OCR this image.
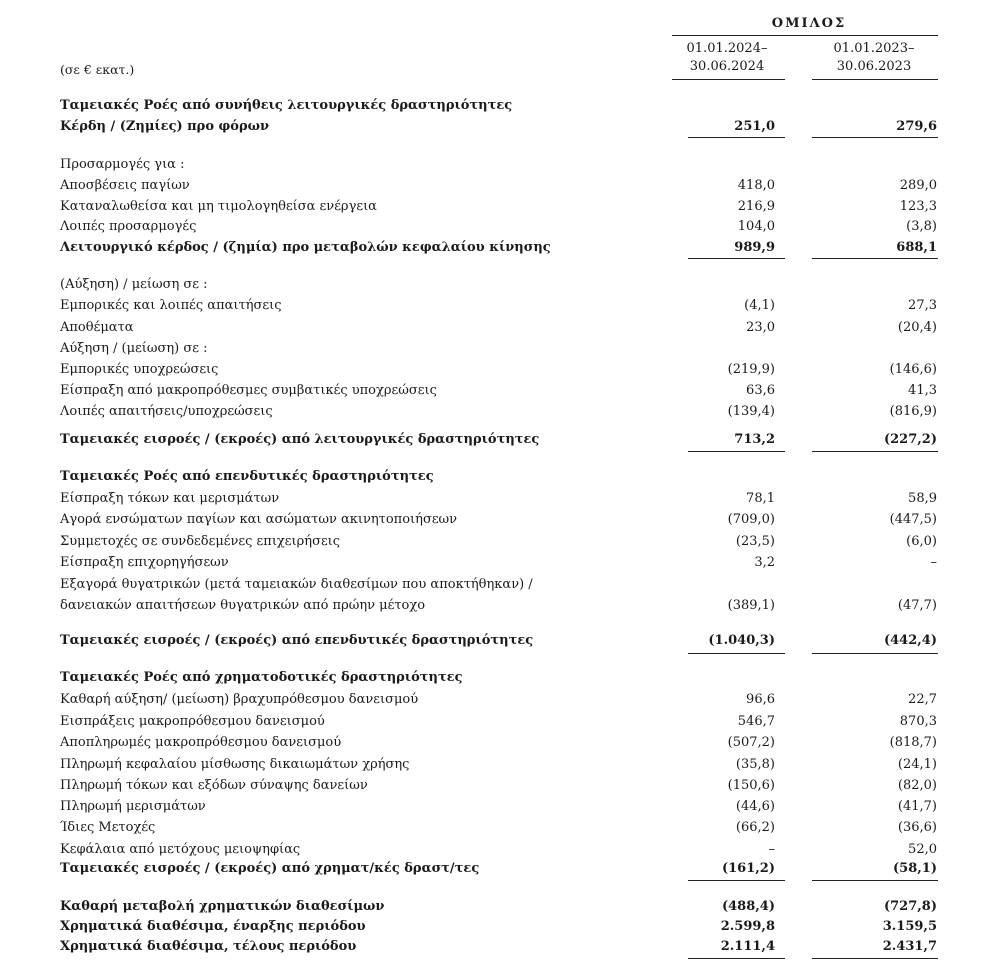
ΟΜΙΛΟΣ
01.01.2024–
30.06.2024
01.01.2023–
30.06.2023
(σε € εκατ.)
Ταμειακές Ροές από συνήθεις λειτουργικές δραστηριότητες
Κέρδη / (Ζημίες) προ φόρων	251,0	279,6
Προσαρμογές για :
Αποσβέσεις παγίων	418,0	289,0
Καταναλωθείσα και μη τιμολογηθείσα ενέργεια	216,9	123,3
Λοιπές προσαρμογές	104,0	(3,8)
Λειτουργικό κέρδος / (ζημία) προ μεταβολών κεφαλαίου κίνησης	989,9	688,1
(Αύξηση) / μείωση σε :
Εμπορικές και λοιπές απαιτήσεις	(4,1)	27,3
Αποθέματα	23,0	(20,4)
Αύξηση / (μείωση) σε :
Εμπορικές υποχρεώσεις	(219,9)	(146,6)
Είσπραξη από μακροπρόθεσμες συμβατικές υποχρεώσεις	63,6	41,3
Λοιπές απαιτήσεις/υποχρεώσεις	(139,4)	(816,9)
Ταμειακές εισροές / (εκροές) από λειτουργικές δραστηριότητες	713,2	(227,2)
Ταμειακές Ροές από επενδυτικές δραστηριότητες
Είσπραξη τόκων και μερισμάτων	78,1	58,9
Αγορά ενσώματων παγίων και ασώματων ακινητοποιήσεων	(709,0)	(447,5)
Συμμετοχές σε συνδεδεμένες επιχειρήσεις	(23,5)	(6,0)
Είσπραξη επιχορηγήσεων	3,2	–
Εξαγορά θυγατρικών (μετά ταμειακών διαθεσίμων που αποκτήθηκαν) /
δανειακών απαιτήσεων θυγατρικών από πρώην μέτοχο	(389,1)	(47,7)
Ταμειακές εισροές / (εκροές) από επενδυτικές δραστηριότητες	(1.040,3)	(442,4)
Ταμειακές Ροές από χρηματοδοτικές δραστηριότητες
Καθαρή αύξηση/ (μείωση) βραχυπρόθεσμου δανεισμού	96,6	22,7
Εισπράξεις μακροπρόθεσμου δανεισμού	546,7	870,3
Αποπληρωμές μακροπρόθεσμου δανεισμού	(507,2)	(818,7)
Πληρωμή κεφαλαίου μίσθωσης δικαιωμάτων χρήσης	(35,8)	(24,1)
Πληρωμή τόκων και εξόδων σύναψης δανείων	(150,6)	(82,0)
Πληρωμή μερισμάτων	(44,6)	(41,7)
Ίδιες Μετοχές	(66,2)	(36,6)
Κεφάλαια από μετόχους μειοψηφίας	–	52,0
Ταμειακές εισροές / (εκροές) από χρηματ/κές δραστ/τες	(161,2)	(58,1)
Καθαρή μεταβολή χρηματικών διαθεσίμων	(488,4)	(727,8)
Χρηματικά διαθέσιμα, έναρξης περιόδου	2.599,8	3.159,5
Χρηματικά διαθέσιμα, τέλους περιόδου	2.111,4	2.431,7
